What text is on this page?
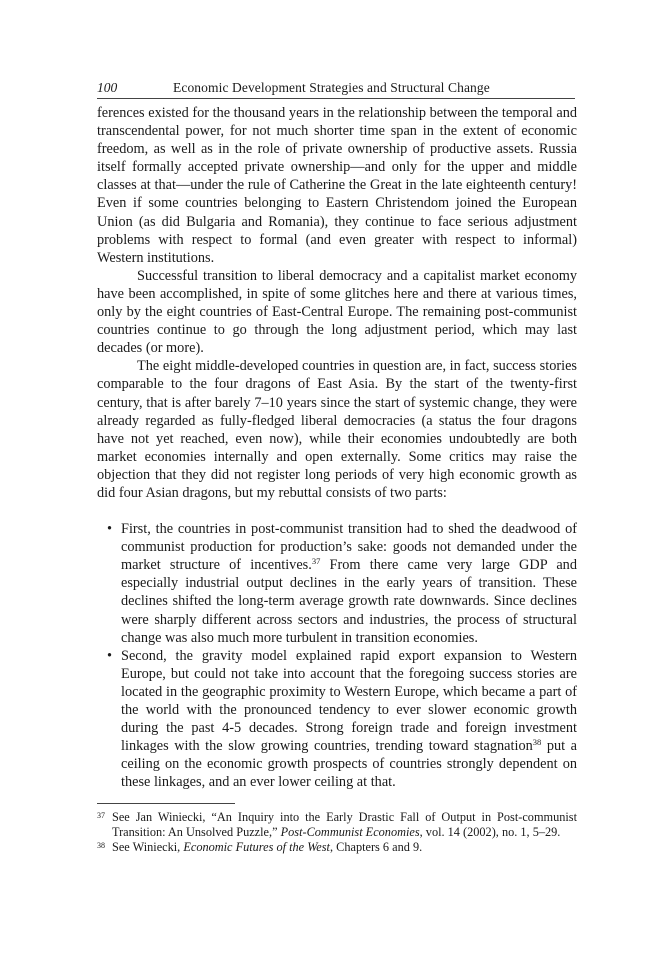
100	Economic Development Strategies and Structural Change

ferences existed for the thousand years in the relationship between the temporal and transcendental power, for not much shorter time span in the extent of economic freedom, as well as in the role of private ownership of productive assets. Russia itself formally accepted private ownership—and only for the upper and middle classes at that—under the rule of Catherine the Great in the late eighteenth century! Even if some countries belonging to Eastern Christendom joined the European Union (as did Bulgaria and Romania), they continue to face serious adjustment problems with respect to formal (and even greater with respect to informal) Western institutions.

Successful transition to liberal democracy and a capitalist market economy have been accomplished, in spite of some glitches here and there at various times, only by the eight countries of East-Central Europe. The remaining post-communist countries continue to go through the long adjustment period, which may last decades (or more).

The eight middle-developed countries in question are, in fact, success stories comparable to the four dragons of East Asia. By the start of the twenty-first century, that is after barely 7–10 years since the start of systemic change, they were already regarded as fully-fledged liberal democracies (a status the four dragons have not yet reached, even now), while their economies undoubtedly are both market economies internally and open externally. Some critics may raise the objection that they did not register long periods of very high economic growth as did four Asian dragons, but my rebuttal consists of two parts:

• First, the countries in post-communist transition had to shed the deadwood of communist production for production’s sake: goods not demanded under the market structure of incentives.$^{37}$ From there came very large GDP and especially industrial output declines in the early years of transition. These declines shifted the long-term average growth rate downwards. Since declines were sharply different across sectors and industries, the process of structural change was also much more turbulent in transition economies.
• Second, the gravity model explained rapid export expansion to Western Europe, but could not take into account that the foregoing success stories are located in the geographic proximity to Western Europe, which became a part of the world with the pronounced tendency to ever slower economic growth during the past 4-5 decades. Strong foreign trade and foreign investment linkages with the slow growing countries, trending toward stagnation$^{38}$ put a ceiling on the economic growth prospects of countries strongly dependent on these linkages, and an ever lower ceiling at that.

37 See Jan Winiecki, “An Inquiry into the Early Drastic Fall of Output in Post-communist Transition: An Unsolved Puzzle,” Post-Communist Economies, vol. 14 (2002), no. 1, 5–29.

38 See Winiecki, Economic Futures of the West, Chapters 6 and 9.
